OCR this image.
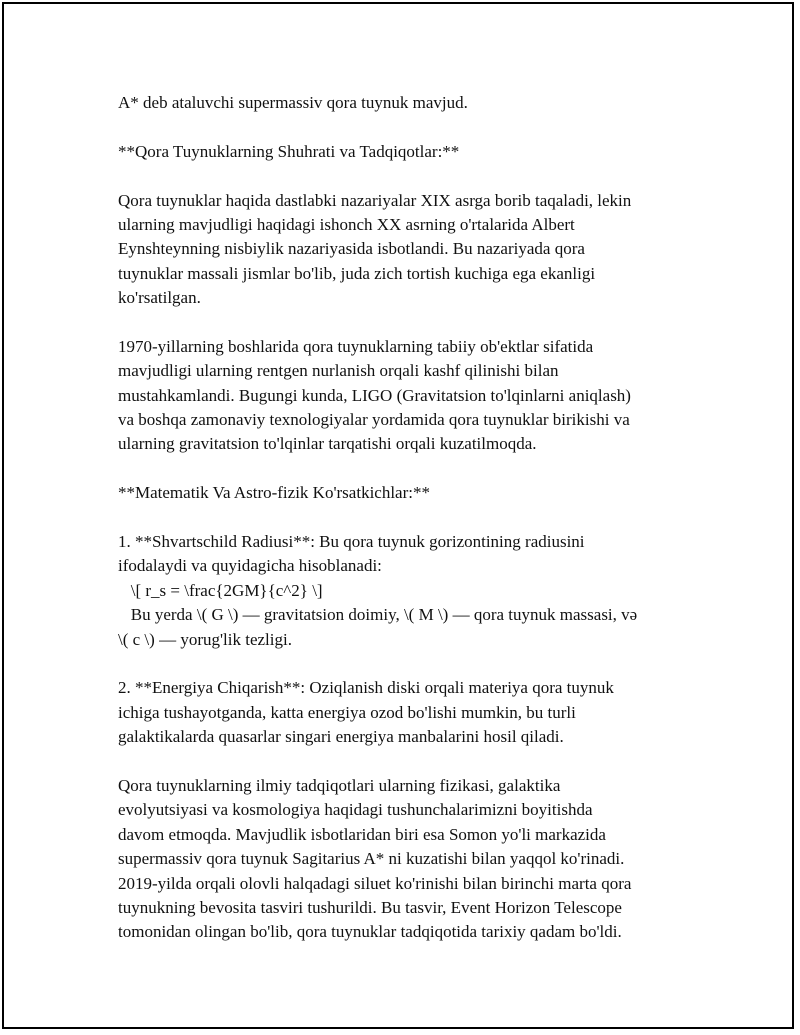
A* deb ataluvchi supermassiv qora tuynuk mavjud.
**Qora Tuynuklarning Shuhrati va Tadqiqotlar:**
Qora tuynuklar haqida dastlabki nazariyalar XIX asrga borib taqaladi, lekin
ularning mavjudligi haqidagi ishonch XX asrning o'rtalarida Albert
Eynshteynning nisbiylik nazariyasida isbotlandi. Bu nazariyada qora
tuynuklar massali jismlar bo'lib, juda zich tortish kuchiga ega ekanligi
ko'rsatilgan.
1970-yillarning boshlarida qora tuynuklarning tabiiy ob'ektlar sifatida
mavjudligi ularning rentgen nurlanish orqali kashf qilinishi bilan
mustahkamlandi. Bugungi kunda, LIGO (Gravitatsion to'lqinlarni aniqlash)
va boshqa zamonaviy texnologiyalar yordamida qora tuynuklar birikishi va
ularning gravitatsion to'lqinlar tarqatishi orqali kuzatilmoqda.
**Matematik Va Astro-fizik Ko'rsatkichlar:**
1. **Shvartschild Radiusi**: Bu qora tuynuk gorizontining radiusini
ifodalaydi va quyidagicha hisoblanadi:
\[ r_s = \frac{2GM}{c^2} \]
Bu yerda \( G \) — gravitatsion doimiy, \( M \) — qora tuynuk massasi, və
\( c \) — yorug'lik tezligi.
2. **Energiya Chiqarish**: Oziqlanish diski orqali materiya qora tuynuk
ichiga tushayotganda, katta energiya ozod bo'lishi mumkin, bu turli
galaktikalarda quasarlar singari energiya manbalarini hosil qiladi.
Qora tuynuklarning ilmiy tadqiqotlari ularning fizikasi, galaktika
evolyutsiyasi va kosmologiya haqidagi tushunchalarimizni boyitishda
davom etmoqda. Mavjudlik isbotlaridan biri esa Somon yo'li markazida
supermassiv qora tuynuk Sagitarius A* ni kuzatishi bilan yaqqol ko'rinadi.
2019-yilda orqali olovli halqadagi siluet ko'rinishi bilan birinchi marta qora
tuynukning bevosita tasviri tushurildi. Bu tasvir, Event Horizon Telescope
tomonidan olingan bo'lib, qora tuynuklar tadqiqotida tarixiy qadam bo'ldi.
